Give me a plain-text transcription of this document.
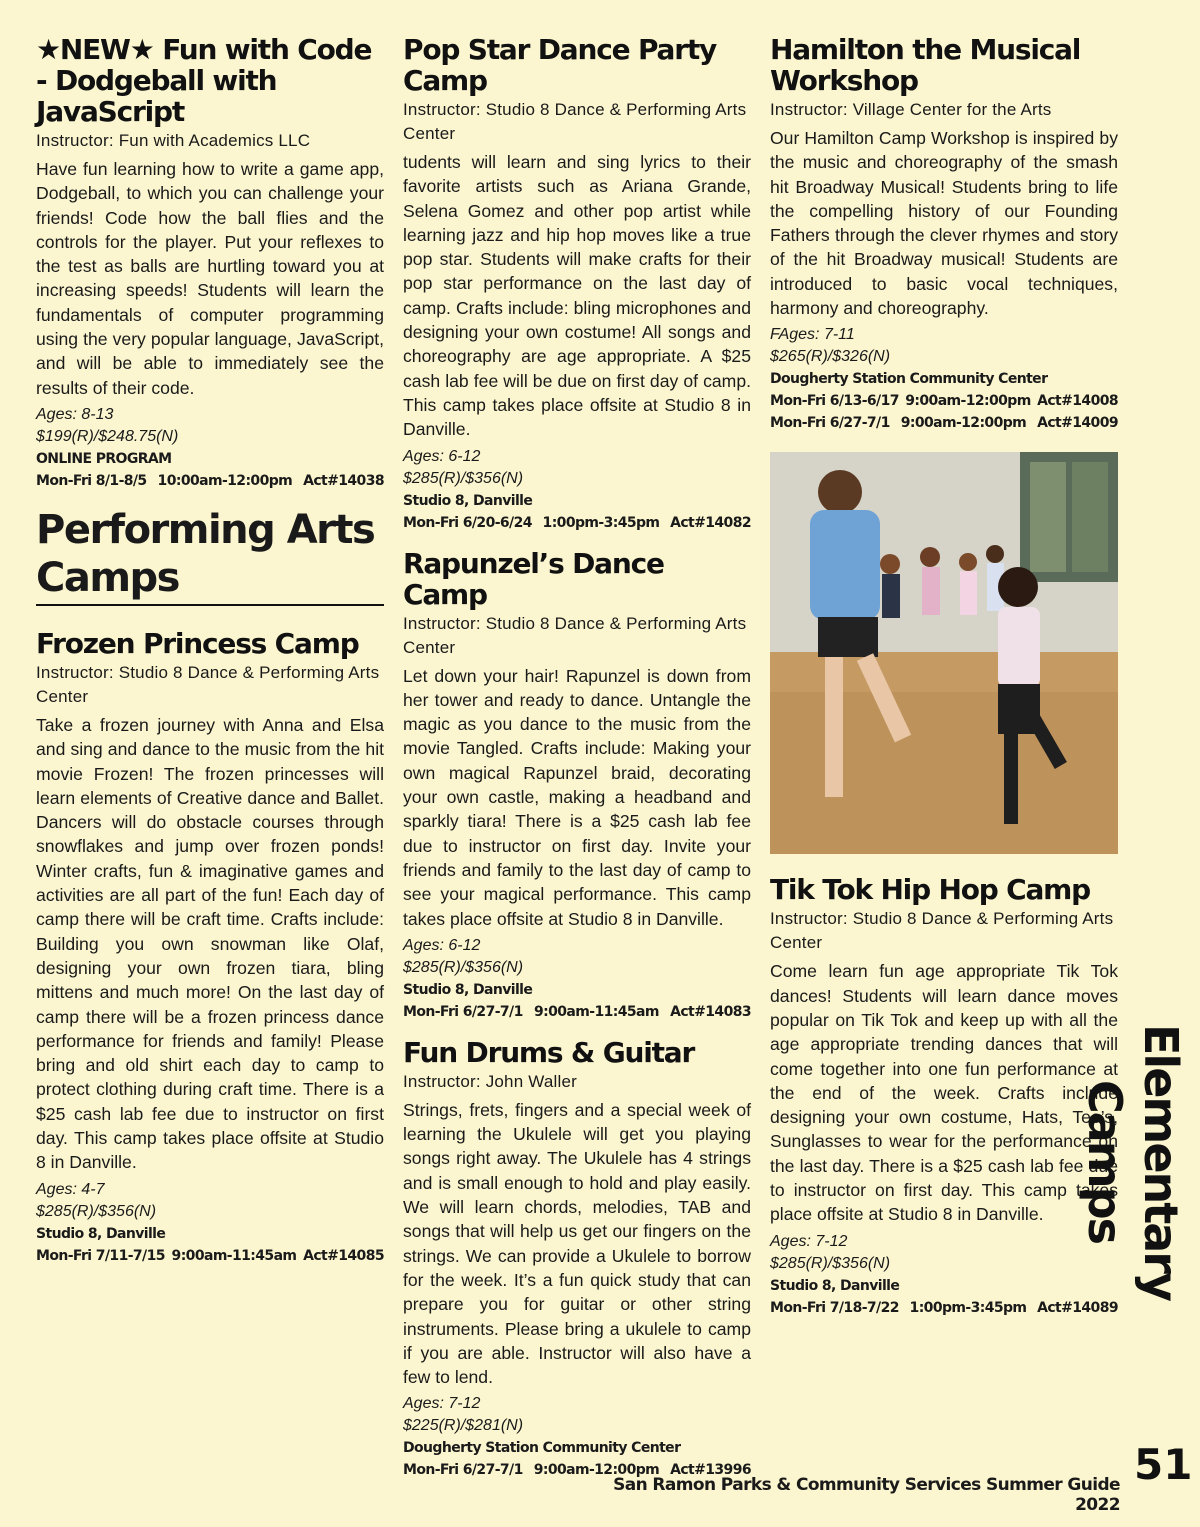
★NEW★ Fun with Code - Dodgeball with JavaScript
Instructor: Fun with Academics LLC
Have fun learning how to write a game app, Dodgeball, to which you can challenge your friends! Code how the ball flies and the controls for the player. Put your reflexes to the test as balls are hurtling toward you at increasing speeds! Students will learn the fundamentals of computer programming using the very popular language, JavaScript, and will be able to immediately see the results of their code.
Ages: 8-13
$199(R)/$248.75(N)
ONLINE PROGRAM
Mon-Fri 8/1-8/5 10:00am-12:00pm Act#14038
Performing Arts Camps
Frozen Princess Camp
Instructor: Studio 8 Dance & Performing Arts Center
Take a frozen journey with Anna and Elsa and sing and dance to the music from the hit movie Frozen! The frozen princesses will learn elements of Creative dance and Ballet. Dancers will do obstacle courses through snowflakes and jump over frozen ponds! Winter crafts, fun & imaginative games and activities are all part of the fun! Each day of camp there will be craft time. Crafts include: Building you own snowman like Olaf, designing your own frozen tiara, bling mittens and much more! On the last day of camp there will be a frozen princess dance performance for friends and family! Please bring and old shirt each day to camp to protect clothing during craft time. There is a $25 cash lab fee due to instructor on first day. This camp takes place offsite at Studio 8 in Danville.
Ages: 4-7
$285(R)/$356(N)
Studio 8, Danville
Mon-Fri 7/11-7/15 9:00am-11:45am Act#14085
Pop Star Dance Party Camp
Instructor: Studio 8 Dance & Performing Arts Center
tudents will learn and sing lyrics to their favorite artists such as Ariana Grande, Selena Gomez and other pop artist while learning jazz and hip hop moves like a true pop star. Students will make crafts for their pop star performance on the last day of camp. Crafts include: bling microphones and designing your own costume! All songs and choreography are age appropriate. A $25 cash lab fee will be due on first day of camp. This camp takes place offsite at Studio 8 in Danville.
Ages: 6-12
$285(R)/$356(N)
Studio 8, Danville
Mon-Fri 6/20-6/24 1:00pm-3:45pm Act#14082
Rapunzel’s Dance Camp
Instructor: Studio 8 Dance & Performing Arts Center
Let down your hair! Rapunzel is down from her tower and ready to dance. Untangle the magic as you dance to the music from the movie Tangled. Crafts include: Making your own magical Rapunzel braid, decorating your own castle, making a headband and sparkly tiara! There is a $25 cash lab fee due to instructor on first day. Invite your friends and family to the last day of camp to see your magical performance. This camp takes place offsite at Studio 8 in Danville.
Ages: 6-12
$285(R)/$356(N)
Studio 8, Danville
Mon-Fri 6/27-7/1 9:00am-11:45am Act#14083
Fun Drums & Guitar
Instructor: John Waller
Strings, frets, fingers and a special week of learning the Ukulele will get you playing songs right away. The Ukulele has 4 strings and is small enough to hold and play easily. We will learn chords, melodies, TAB and songs that will help us get our fingers on the strings. We can provide a Ukulele to borrow for the week. It’s a fun quick study that can prepare you for guitar or other string instruments. Please bring a ukulele to camp if you are able. Instructor will also have a few to lend.
Ages: 7-12
$225(R)/$281(N)
Dougherty Station Community Center
Mon-Fri 6/27-7/1 9:00am-12:00pm Act#13996
Hamilton the Musical Workshop
Instructor: Village Center for the Arts
Our Hamilton Camp Workshop is inspired by the music and choreography of the smash hit Broadway Musical! Students bring to life the compelling history of our Founding Fathers through the clever rhymes and story of the hit Broadway musical! Students are introduced to basic vocal techniques, harmony and choreography.
FAges: 7-11
$265(R)/$326(N)
Dougherty Station Community Center
Mon-Fri 6/13-6/17 9:00am-12:00pm Act#14008
Mon-Fri 6/27-7/1 9:00am-12:00pm Act#14009
Tik Tok Hip Hop Camp
Instructor: Studio 8 Dance & Performing Arts Center
Come learn fun age appropriate Tik Tok dances! Students will learn dance moves popular on Tik Tok and keep up with all the age appropriate trending dances that will come together into one fun performance at the end of the week. Crafts include designing your own costume, Hats, Tee’s, Sunglasses to wear for the performance on the last day. There is a $25 cash lab fee due to instructor on first day. This camp takes place offsite at Studio 8 in Danville.
Ages: 7-12
$285(R)/$356(N)
Studio 8, Danville
Mon-Fri 7/18-7/22 1:00pm-3:45pm Act#14089
Elementary Camps
51
San Ramon Parks & Community Services Summer Guide 2022
